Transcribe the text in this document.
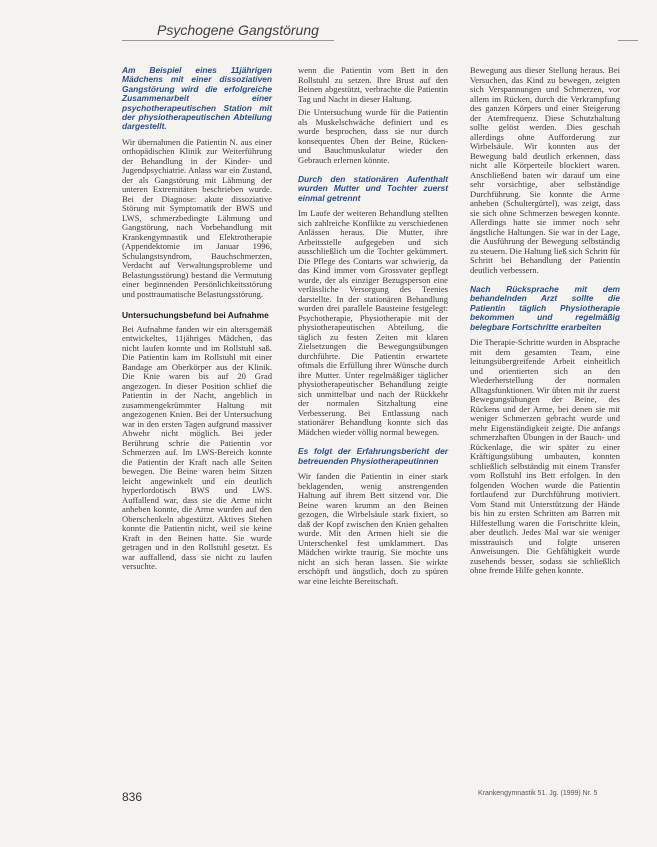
Psychogene Gangstörung

Am Beispiel eines 11jährigen Mädchens mit einer dissoziativen Gangstörung wird die erfolgreiche Zusammenarbeit einer psychotherapeutischen Station mit der physiotherapeutischen Abteilung dargestellt.

Wir übernahmen die Patientin N. aus einer orthopädischen Klinik zur Weiterführung der Behandlung in der Kinder- und Jugendpsychiatrie. Anlass war ein Zustand, der als Gangstörung mit Lähmung der unteren Extremitäten beschrieben wurde. Bei der Diagnose: akute dissoziative Störung mit Symptomatik der BWS und LWS, schmerzbedingte Lähmung und Gangstörung, nach Vorbehandlung mit Krankengymnastik und Elektrotherapie (Appendektomie im Januar 1996, Schulangstsyndrom, Bauchschmerzen, Verdacht auf Verwaltungsprobleme und Belastungsstörung) bestand die Vermutung einer beginnenden Persönlichkeitsstörung und posttraumatische Belastungsstörung.

Untersuchungsbefund bei Aufnahme

Bei Aufnahme fanden wir ein altersgemäß entwickeltes, 11jähriges Mädchen, das nicht laufen konnte und im Rollstuhl saß. Die Patientin kam im Rollstuhl mit einer Bandage am Oberkörper aus der Klinik. Die Knie waren bis auf 20 Grad angezogen. In dieser Position schlief die Patientin in der Nacht, angeblich in zusammengekrümmter Haltung mit angezogenen Knien. Bei der Untersuchung war in den ersten Tagen aufgrund massiver Abwehr nicht möglich. Bei jeder Berührung schrie die Patientin vor Schmerzen auf. Im LWS-Bereich konnte die Patientin der Kraft nach alle Seiten bewegen. Die Beine waren beim Sitzen leicht angewinkelt und ein deutlich hyperlordotisch BWS und LWS. Auffallend war, dass sie die Arme nicht anheben konnte, die Arme wurden auf den Oberschenkeln abgestützt. Aktives Stehen konnte die Patientin nicht, weil sie keine Kraft in den Beinen hatte. Sie wurde getragen und in den Rollstuhl gesetzt. Es war auffallend, dass sie nicht zu laufen versuchte.

wenn die Patientin vom Bett in den Rollstuhl zu setzen. Ihre Brust auf den Beinen abgestützt, verbrachte die Patientin Tag und Nacht in dieser Haltung.

Die Untersuchung wurde für die Patientin als Muskelschwäche definiert und es wurde besprochen, dass sie nur durch konsequentes Üben der Beine, Rücken- und Bauchmuskulatur wieder den Gebrauch erlernen könnte.

Durch den stationären Aufenthalt wurden Mutter und Tochter zuerst einmal getrennt

Im Laufe der weiteren Behandlung stellten sich zahlreiche Konflikte zu verschiedenen Anlässen heraus. Die Mutter, ihre Arbeitsstelle aufgegeben und sich ausschließlich um die Tochter gekümmert. Die Pflege des Contarts war schwierig, da das Kind immer vom Grossvater gepflegt wurde, der als einziger Bezugsperson eine verlässliche Versorgung des Teenies darstellte. In der stationären Behandlung wurden drei parallele Bausteine festgelegt: Psychotherapie, Physiotherapie mit der physiotherapeutischen Abteilung, die täglich zu festen Zeiten mit klaren Zielsetzungen die Bewegungsübungen durchführte. Die Patientin erwartete oftmals die Erfüllung ihrer Wünsche durch ihre Mutter. Unter regelmäßiger täglicher physiotherapeutischer Behandlung zeigte sich unmittelbar und nach der Rückkehr der normalen Sitzhaltung eine Verbesserung. Bei Entlassung nach stationärer Behandlung konnte sich das Mädchen wieder völlig normal bewegen.

Es folgt der Erfahrungsbericht der betreuenden Physiotherapeutinnen

Wir fanden die Patientin in einer stark beklagenden, wenig anstrengenden Haltung auf ihrem Bett sitzend vor. Die Beine waren krumm an den Beinen gezogen, die Wirbelsäule stark fixiert, so daß der Kopf zwischen den Knien gehalten wurde. Mit den Armen hielt sie die Unterschenkel fest umklammert. Das Mädchen wirkte traurig. Sie mochte uns nicht an sich heran lassen. Sie wirkte erschöpft und ängstlich, doch zu spüren war eine leichte Bereitschaft.

Bewegung aus dieser Stellung heraus. Bei Versuchen, das Kind zu bewegen, zeigten sich Verspannungen und Schmerzen, vor allem im Rücken, durch die Verkrampfung des ganzen Körpers und einer Steigerung der Atemfrequenz. Diese Schutzhaltung sollte gelöst werden. Dies geschah allerdings ohne Aufforderung zur Wirbelsäule. Wir konnten aus der Bewegung bald deutlich erkennen, dass nicht alle Körperteile blockiert waren. Anschließend baten wir darauf um eine sehr vorsichtige, aber selbständige Durchführung. Sie konnte die Arme anheben (Schultergürtel), was zeigt, dass sie sich ohne Schmerzen bewegen konnte. Allerdings hatte sie immer noch sehr ängstliche Haltungen. Sie war in der Lage, die Ausführung der Bewegung selbständig zu steuern. Die Haltung ließ sich Schritt für Schritt bei Behandlung der Patientin deutlich verbessern.

Nach Rücksprache mit dem behandelnden Arzt sollte die Patientin täglich Physiotherapie bekommen und regelmäßig belegbare Fortschritte erarbeiten

Die Therapie-Schritte wurden in Absprache mit dem gesamten Team, eine leitungsübergreifende Arbeit einheitlich und orientierten sich an den Wiederherstellung der normalen Alltagsfunktionen. Wir übten mit ihr zuerst Bewegungsübungen der Beine, des Rückens und der Arme, bei denen sie mit weniger Schmerzen gebracht wurde und mehr Eigenständigkeit zeigte. Die anfangs schmerzhaften Übungen in der Bauch- und Rückenlage, die wir später zu einer Kräftigungsübung umbauten, konnten schließlich selbständig mit einem Transfer vom Rollstuhl ins Bett erfolgen. In den folgenden Wochen wurde die Patientin fortlaufend zur Durchführung motiviert. Vom Stand mit Unterstützung der Hände bis hin zu ersten Schritten am Barren mit Hilfestellung waren die Fortschritte klein, aber deutlich. Jedes Mal war sie weniger misstrauisch und folgte unseren Anweisungen. Die Gehfähigkeit wurde zusehends besser, sodass sie schließlich ohne fremde Hilfe gehen konnte.

836	Krankengymnastik 51. Jg. (1999) Nr. 5
